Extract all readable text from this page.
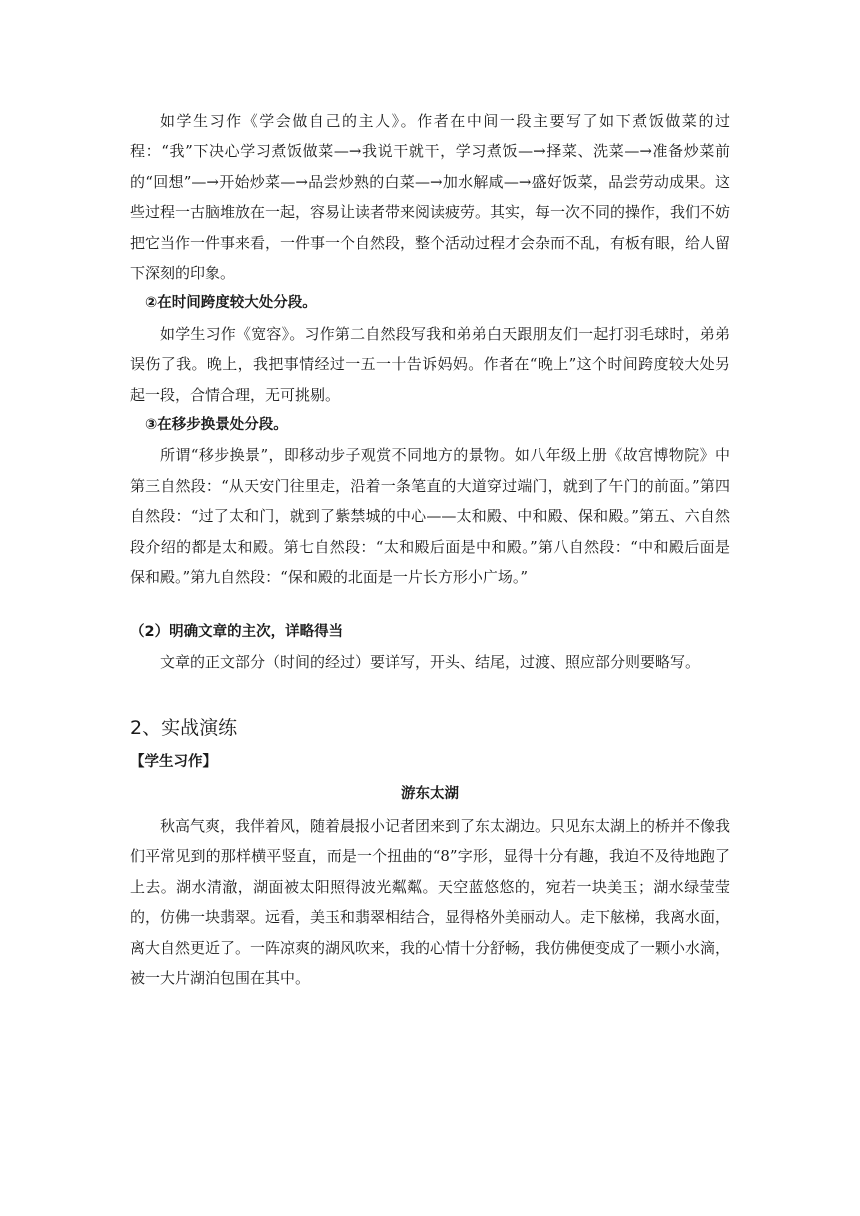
如学生习作《学会做自己的主人》。作者在中间一段主要写了如下煮饭做菜的过程：“我”下决心学习煮饭做菜—→我说干就干，学习煮饭—→择菜、洗菜—→准备炒菜前的“回想”—→开始炒菜—→品尝炒熟的白菜—→加水解咸—→盛好饭菜，品尝劳动成果。这些过程一古脑堆放在一起，容易让读者带来阅读疲劳。其实，每一次不同的操作，我们不妨把它当作一件事来看，一件事一个自然段，整个活动过程才会杂而不乱，有板有眼，给人留下深刻的印象。

②在时间跨度较大处分段。

如学生习作《宽容》。习作第二自然段写我和弟弟白天跟朋友们一起打羽毛球时，弟弟误伤了我。晚上，我把事情经过一五一十告诉妈妈。作者在“晚上”这个时间跨度较大处另起一段，合情合理，无可挑剔。

③在移步换景处分段。

所谓“移步换景”，即移动步子观赏不同地方的景物。如八年级上册《故宫博物院》中第三自然段：“从天安门往里走，沿着一条笔直的大道穿过端门，就到了午门的前面。”第四自然段：“过了太和门，就到了紫禁城的中心——太和殿、中和殿、保和殿。”第五、六自然段介绍的都是太和殿。第七自然段：“太和殿后面是中和殿。”第八自然段：“中和殿后面是保和殿。”第九自然段：“保和殿的北面是一片长方形小广场。”

（2）明确文章的主次，详略得当

文章的正文部分（时间的经过）要详写，开头、结尾，过渡、照应部分则要略写。

2、实战演练

【学生习作】

游东太湖

秋高气爽，我伴着风，随着晨报小记者团来到了东太湖边。只见东太湖上的桥并不像我们平常见到的那样横平竖直，而是一个扭曲的“8”字形，显得十分有趣，我迫不及待地跑了上去。湖水清澈，湖面被太阳照得波光粼粼。天空蓝悠悠的，宛若一块美玉；湖水绿莹莹的，仿佛一块翡翠。远看，美玉和翡翠相结合，显得格外美丽动人。走下舷梯，我离水面，离大自然更近了。一阵凉爽的湖风吹来，我的心情十分舒畅，我仿佛便变成了一颗小水滴，被一大片湖泊包围在其中。
